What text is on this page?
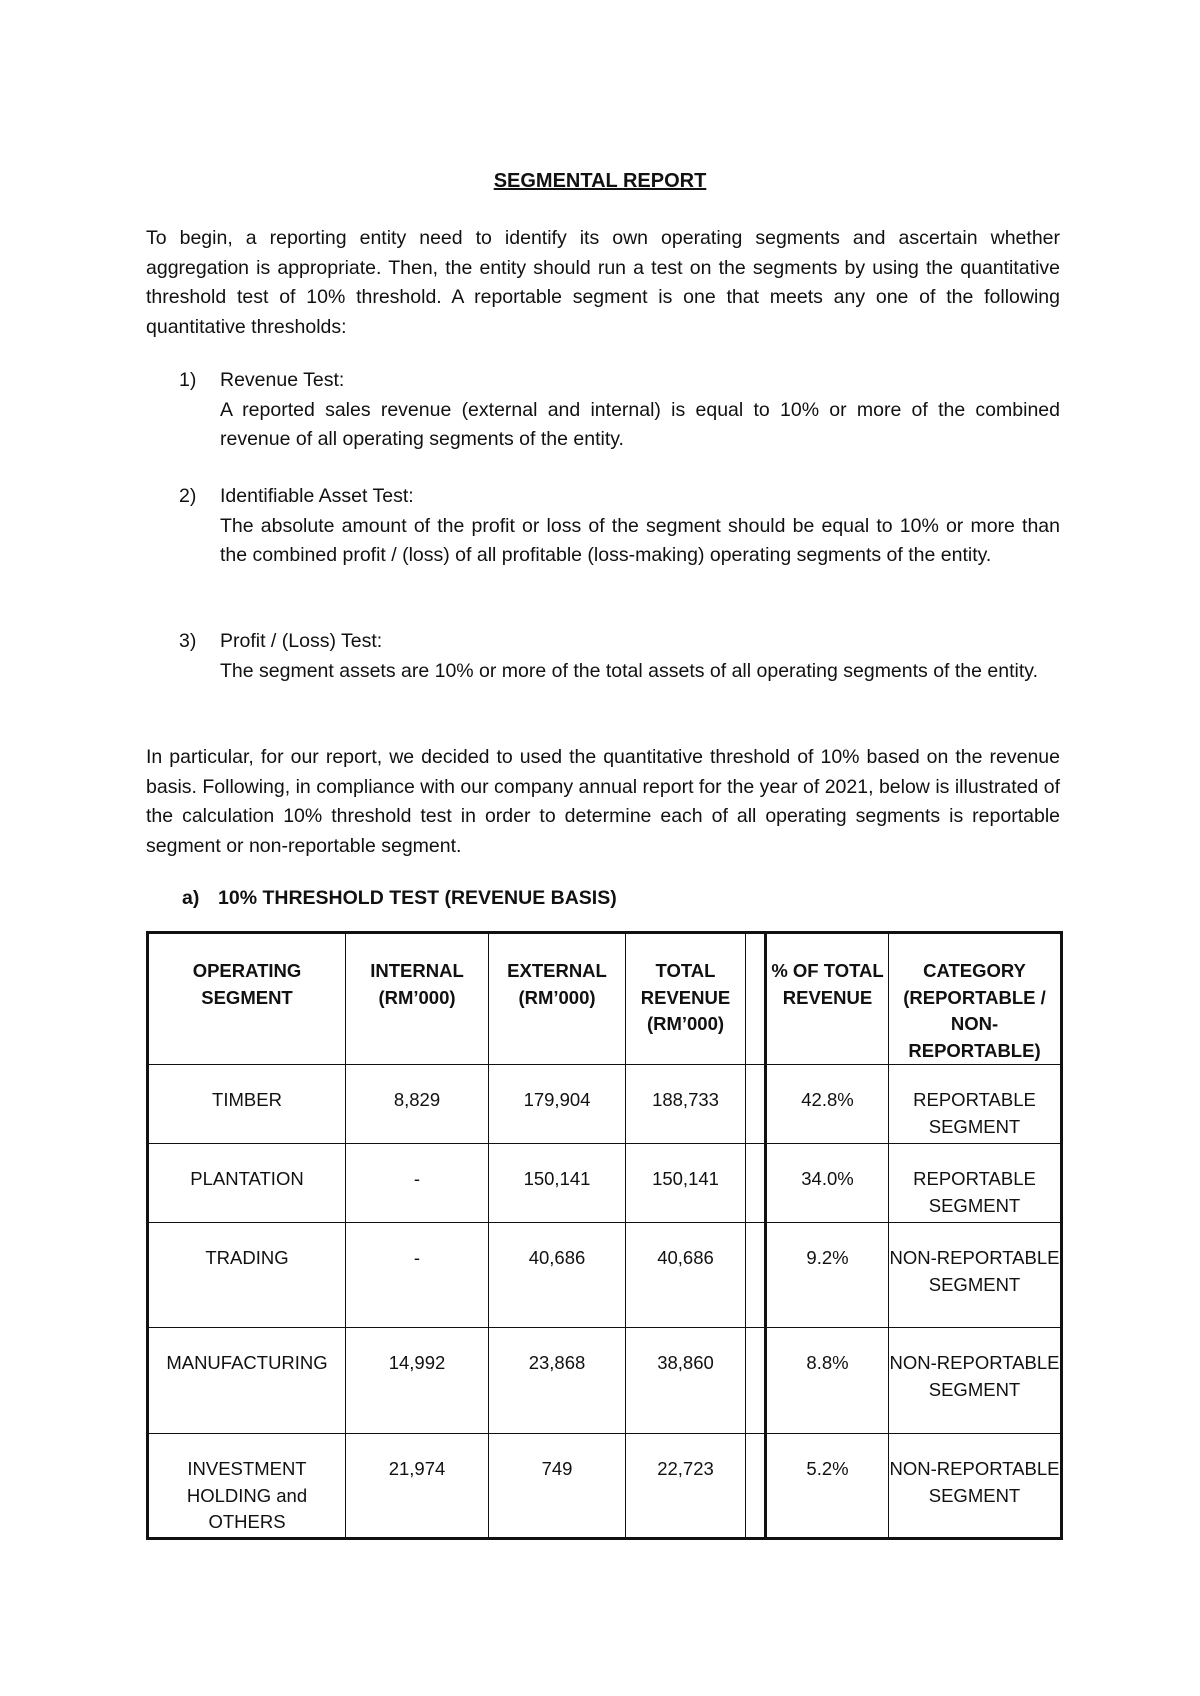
SEGMENTAL REPORT

To begin, a reporting entity need to identify its own operating segments and ascertain whether aggregation is appropriate. Then, the entity should run a test on the segments by using the quantitative threshold test of 10% threshold. A reportable segment is one that meets any one of the following quantitative thresholds:

1) Revenue Test:
A reported sales revenue (external and internal) is equal to 10% or more of the combined revenue of all operating segments of the entity.
2) Identifiable Asset Test:
The absolute amount of the profit or loss of the segment should be equal to 10% or more than the combined profit / (loss) of all profitable (loss-making) operating segments of the entity.
3) Profit / (Loss) Test:
The segment assets are 10% or more of the total assets of all operating segments of the entity.

In particular, for our report, we decided to used the quantitative threshold of 10% based on the revenue basis. Following, in compliance with our company annual report for the year of 2021, below is illustrated of the calculation 10% threshold test in order to determine each of all operating segments is reportable segment or non-reportable segment.

a) 10% THRESHOLD TEST (REVENUE BASIS)
OPERATING SEGMENT	INTERNAL (RM’000)	EXTERNAL (RM’000)	TOTAL REVENUE (RM’000)		% OF TOTAL REVENUE	CATEGORY (REPORTABLE / NON-REPORTABLE)
TIMBER	8,829	179,904	188,733		42.8%	REPORTABLE SEGMENT
PLANTATION	-	150,141	150,141		34.0%	REPORTABLE SEGMENT
TRADING	-	40,686	40,686		9.2%	NON-REPORTABLE SEGMENT
MANUFACTURING	14,992	23,868	38,860		8.8%	NON-REPORTABLE SEGMENT
INVESTMENT HOLDING and OTHERS	21,974	749	22,723		5.2%	NON-REPORTABLE SEGMENT
